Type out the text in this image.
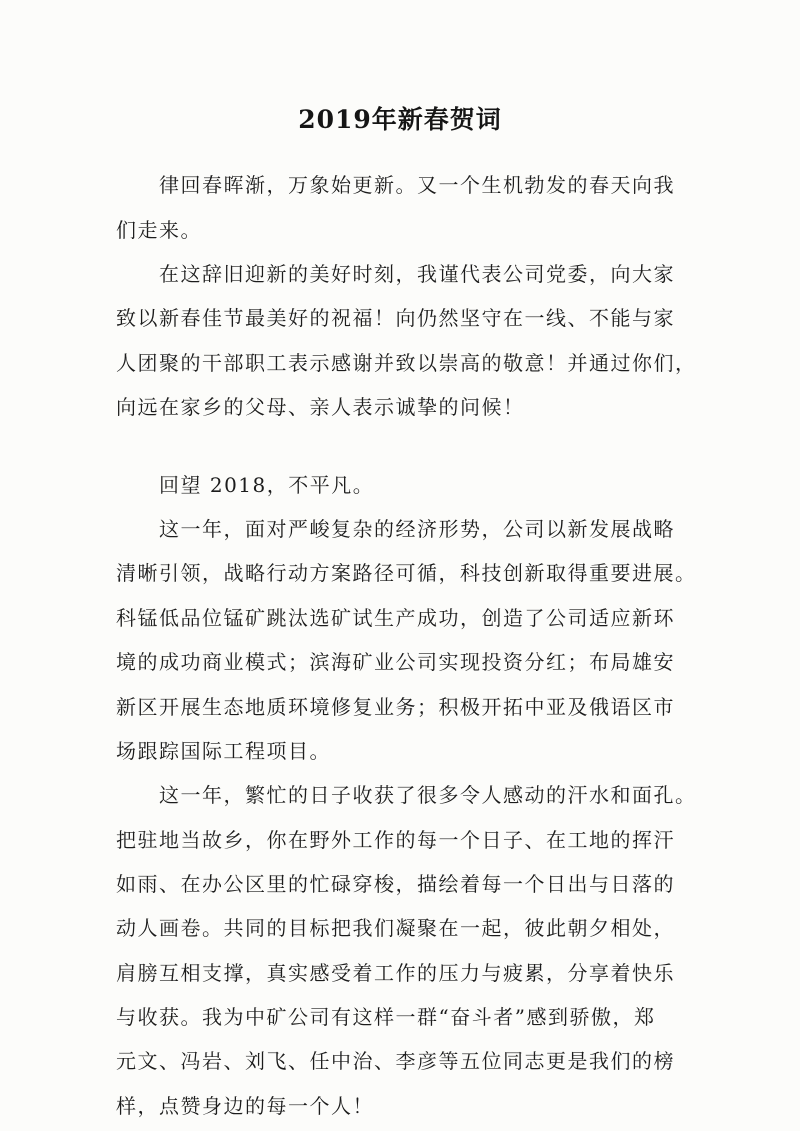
2019年新春贺词
律回春晖渐，万象始更新。又一个生机勃发的春天向我
们走来。
在这辞旧迎新的美好时刻，我谨代表公司党委，向大家
致以新春佳节最美好的祝福！向仍然坚守在一线、不能与家
人团聚的干部职工表示感谢并致以崇高的敬意！并通过你们，
向远在家乡的父母、亲人表示诚挚的问候！
回望 2018，不平凡。
这一年，面对严峻复杂的经济形势，公司以新发展战略
清晰引领，战略行动方案路径可循，科技创新取得重要进展。
科锰低品位锰矿跳汰选矿试生产成功，创造了公司适应新环
境的成功商业模式；滨海矿业公司实现投资分红；布局雄安
新区开展生态地质环境修复业务；积极开拓中亚及俄语区市
场跟踪国际工程项目。
这一年，繁忙的日子收获了很多令人感动的汗水和面孔。
把驻地当故乡，你在野外工作的每一个日子、在工地的挥汗
如雨、在办公区里的忙碌穿梭，描绘着每一个日出与日落的
动人画卷。共同的目标把我们凝聚在一起，彼此朝夕相处，
肩膀互相支撑，真实感受着工作的压力与疲累，分享着快乐
与收获。我为中矿公司有这样一群“奋斗者”感到骄傲，郑
元文、冯岩、刘飞、任中治、李彦等五位同志更是我们的榜
样，点赞身边的每一个人！
